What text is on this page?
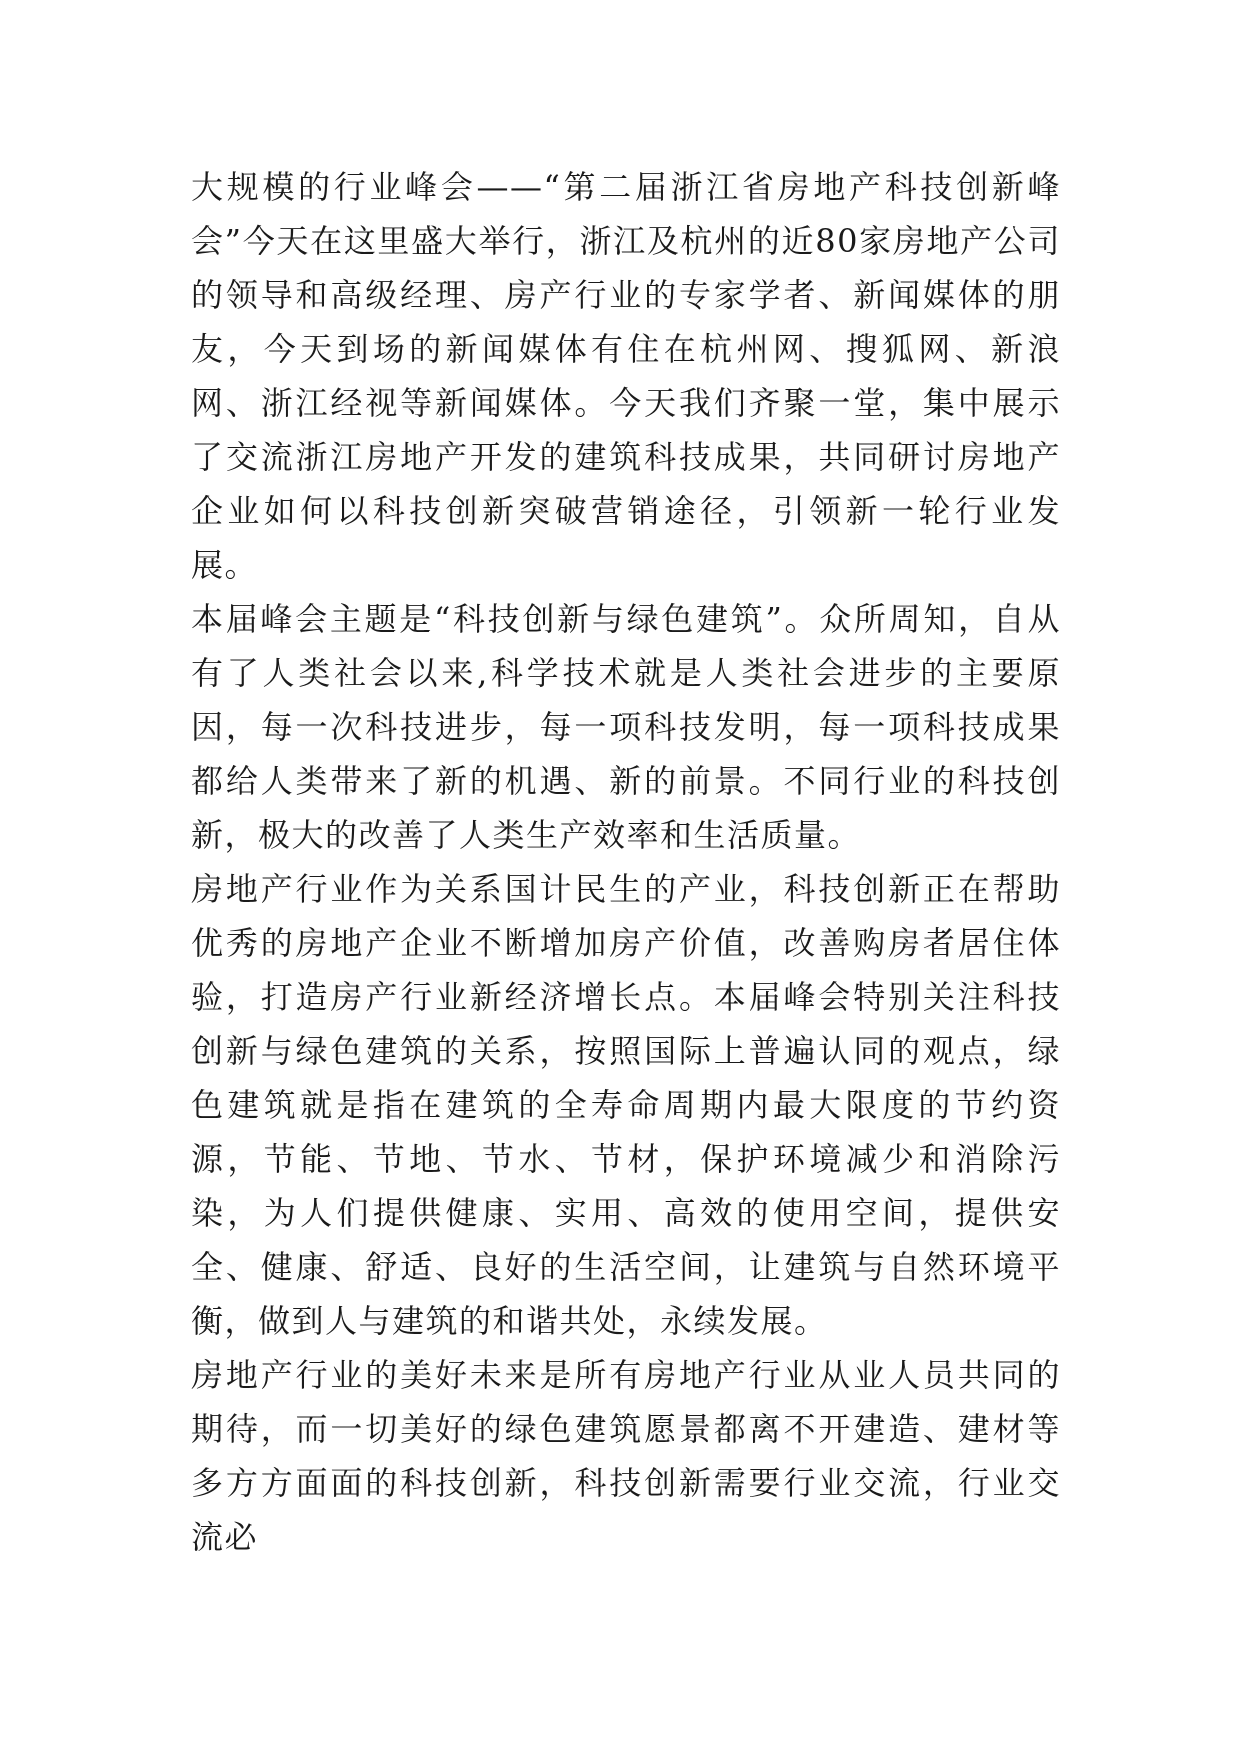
大规模的行业峰会——“第二届浙江省房地产科技创新峰会”今天在这里盛大举行，浙江及杭州的近80家房地产公司的领导和高级经理、房产行业的专家学者、新闻媒体的朋友，今天到场的新闻媒体有住在杭州网、搜狐网、新浪网、浙江经视等新闻媒体。今天我们齐聚一堂，集中展示了交流浙江房地产开发的建筑科技成果，共同研讨房地产企业如何以科技创新突破营销途径，引领新一轮行业发展。

本届峰会主题是“科技创新与绿色建筑”。众所周知，自从有了人类社会以来,科学技术就是人类社会进步的主要原因，每一次科技进步，每一项科技发明，每一项科技成果都给人类带来了新的机遇、新的前景。不同行业的科技创新，极大的改善了人类生产效率和生活质量。

房地产行业作为关系国计民生的产业，科技创新正在帮助优秀的房地产企业不断增加房产价值，改善购房者居住体验，打造房产行业新经济增长点。本届峰会特别关注科技创新与绿色建筑的关系，按照国际上普遍认同的观点，绿色建筑就是指在建筑的全寿命周期内最大限度的节约资源，节能、节地、节水、节材，保护环境减少和消除污染，为人们提供健康、实用、高效的使用空间，提供安全、健康、舒适、良好的生活空间，让建筑与自然环境平衡，做到人与建筑的和谐共处，永续发展。

房地产行业的美好未来是所有房地产行业从业人员共同的期待，而一切美好的绿色建筑愿景都离不开建造、建材等多方方面面的科技创新，科技创新需要行业交流，行业交流必
